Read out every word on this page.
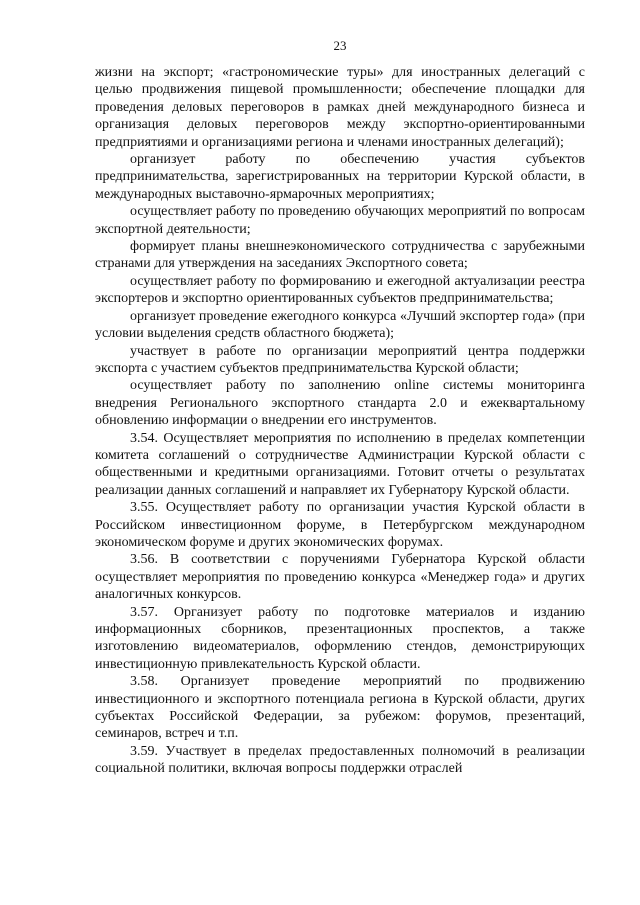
23

жизни на экспорт; «гастрономические туры» для иностранных делегаций с целью продвижения пищевой промышленности; обеспечение площадки для проведения деловых переговоров в рамках дней международного бизнеса и организация деловых переговоров между экспортно-ориентированными предприятиями и организациями региона и членами иностранных делегаций);

организует работу по обеспечению участия субъектов предпринимательства, зарегистрированных на территории Курской области, в международных выставочно-ярмарочных мероприятиях;

осуществляет работу по проведению обучающих мероприятий по вопросам экспортной деятельности;

формирует планы внешнеэкономического сотрудничества с зарубежными странами для утверждения на заседаниях Экспортного совета;

осуществляет работу по формированию и ежегодной актуализации реестра экспортеров и экспортно ориентированных субъектов предпринимательства;

организует проведение ежегодного конкурса «Лучший экспортер года» (при условии выделения средств областного бюджета);

участвует в работе по организации мероприятий центра поддержки экспорта с участием субъектов предпринимательства Курской области;

осуществляет работу по заполнению online системы мониторинга внедрения Регионального экспортного стандарта 2.0 и ежеквартальному обновлению информации о внедрении его инструментов.

3.54. Осуществляет мероприятия по исполнению в пределах компетенции комитета соглашений о сотрудничестве Администрации Курской области с общественными и кредитными организациями. Готовит отчеты о результатах реализации данных соглашений и направляет их Губернатору Курской области.

3.55. Осуществляет работу по организации участия Курской области в Российском инвестиционном форуме, в Петербургском международном экономическом форуме и других экономических форумах.

3.56. В соответствии с поручениями Губернатора Курской области осуществляет мероприятия по проведению конкурса «Менеджер года» и других аналогичных конкурсов.

3.57. Организует работу по подготовке материалов и изданию информационных сборников, презентационных проспектов, а также изготовлению видеоматериалов, оформлению стендов, демонстрирующих инвестиционную привлекательность Курской области.

3.58. Организует проведение мероприятий по продвижению инвестиционного и экспортного потенциала региона в Курской области, других субъектах Российской Федерации, за рубежом: форумов, презентаций, семинаров, встреч и т.п.

3.59. Участвует в пределах предоставленных полномочий в реализации социальной политики, включая вопросы поддержки отраслей
